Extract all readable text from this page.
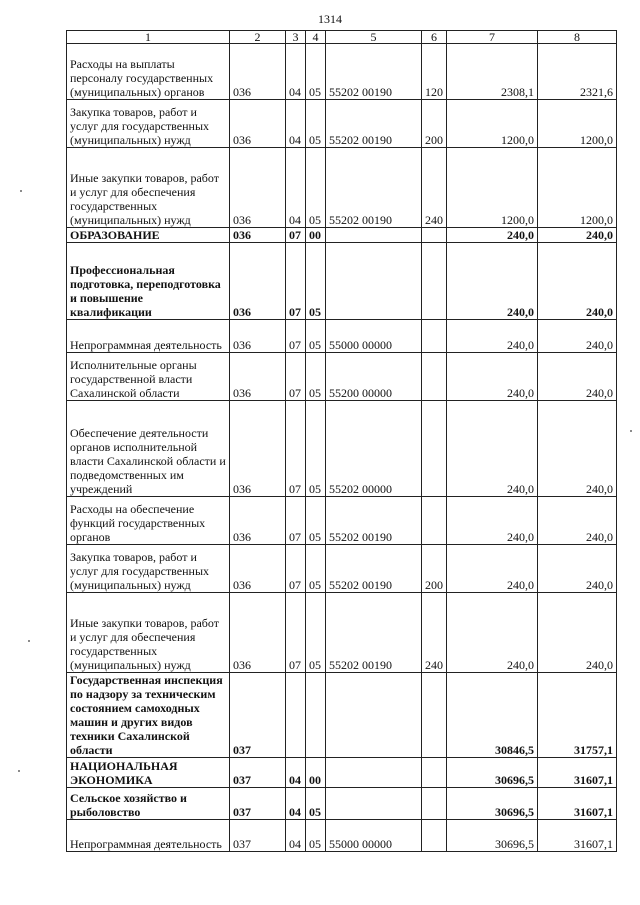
1314
1	2	3	4	5	6	7	8
Расходы на выплаты персоналу государственных (муниципальных) органов	036	04	05	55202 00190	120	2308,1	2321,6
Закупка товаров, работ и услуг для государственных (муниципальных) нужд	036	04	05	55202 00190	200	1200,0	1200,0
Иные закупки товаров, работ и услуг для обеспечения государственных (муниципальных) нужд	036	04	05	55202 00190	240	1200,0	1200,0
ОБРАЗОВАНИЕ	036	07	00			240,0	240,0
Профессиональная подготовка, переподготовка и повышение квалификации	036	07	05			240,0	240,0
Непрограммная деятельность	036	07	05	55000 00000		240,0	240,0
Исполнительные органы государственной власти Сахалинской области	036	07	05	55200 00000		240,0	240,0
Обеспечение деятельности органов исполнительной власти Сахалинской области и подведомственных им учреждений	036	07	05	55202 00000		240,0	240,0
Расходы на обеспечение функций государственных органов	036	07	05	55202 00190		240,0	240,0
Закупка товаров, работ и услуг для государственных (муниципальных) нужд	036	07	05	55202 00190	200	240,0	240,0
Иные закупки товаров, работ и услуг для обеспечения государственных (муниципальных) нужд	036	07	05	55202 00190	240	240,0	240,0
Государственная инспекция по надзору за техническим состоянием самоходных машин и других видов техники Сахалинской области	037					30846,5	31757,1
НАЦИОНАЛЬНАЯ ЭКОНОМИКА	037	04	00			30696,5	31607,1
Сельское хозяйство и рыболовство	037	04	05			30696,5	31607,1
Непрограммная деятельность	037	04	05	55000 00000		30696,5	31607,1
